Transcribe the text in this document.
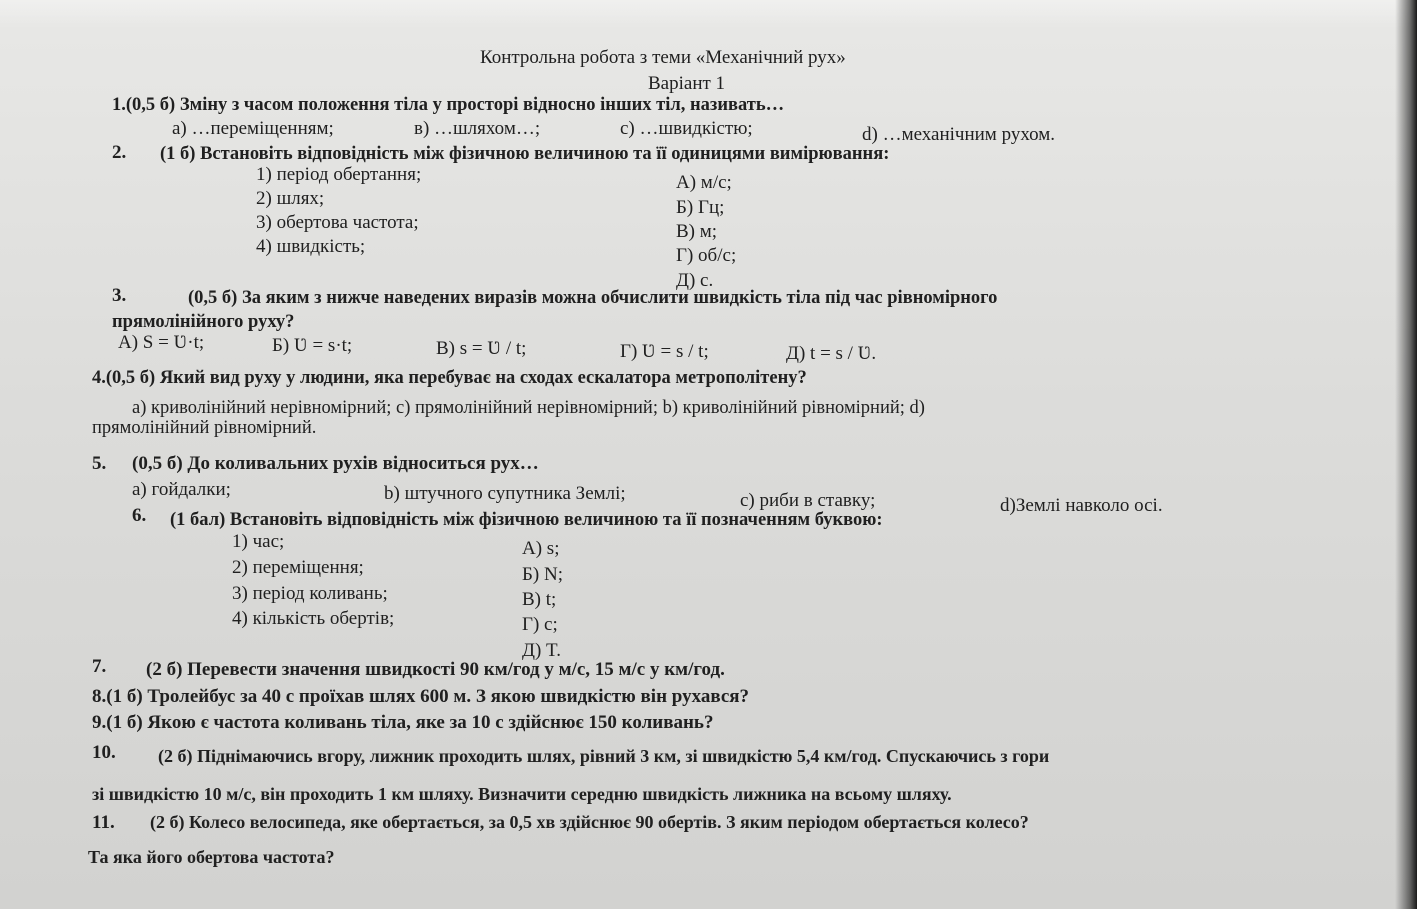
Контрольна робота з теми «Механічний рух»
Варіант 1
1.(0,5 б) Зміну з часом положення тіла у просторі відносно інших тіл, називать…
а) …переміщенням;	в) …шляхом…;	с) …швидкістю;	d) …механічним рухом.
2. (1 б) Встановіть відповідність між фізичною величиною та її одиницями вимірювання:
1) період обертання;
2) шлях;
3) обертова частота;
4) швидкість;
А) м/с;
Б) Гц;
В) м;
Г) об/с;
Д) с.
3.	(0,5 б) За яким з нижче наведених виразів можна обчислити швидкість тіла під час рівномірного
прямолінійного руху?
А) S = Ʋ·t;	Б) Ʋ = s·t;	В) s = Ʋ / t;	Г) Ʋ = s / t;	Д) t = s / Ʋ.
4.(0,5 б) Який вид руху у людини, яка перебуває на сходах ескалатора метрополітену?
а) криволінійний нерівномірний; с) прямолінійний нерівномірний; b) криволінійний рівномірний; d)
прямолінійний рівномірний.
5. (0,5 б) До коливальних рухів відноситься рух…
а) гойдалки;	b) штучного супутника Землі;	с) риби в ставку;	d)Землі навколо осі.
6. (1 бал) Встановіть відповідність між фізичною величиною та її позначенням буквою:
1) час;
2) переміщення;
3) період коливань;
4) кількість обертів;
А) s;
Б) N;
В) t;
Г) c;
Д) T.
7. (2 б) Перевести значення швидкості 90 км/год у м/с, 15 м/с у км/год.
8.(1 б) Тролейбус за 40 с проїхав шлях 600 м. З якою швидкістю він рухався?
9.(1 б) Якою є частота коливань тіла, яке за 10 с здійснює 150 коливань?
10. (2 б) Піднімаючись вгору, лижник проходить шлях, рівний 3 км, зі швидкістю 5,4 км/год. Спускаючись з гори
зі швидкістю 10 м/с, він проходить 1 км шляху. Визначити середню швидкість лижника на всьому шляху.
11. (2 б) Колесо велосипеда, яке обертається, за 0,5 хв здійснює 90 обертів. З яким періодом обертається колесо?
Та яка його обертова частота?
